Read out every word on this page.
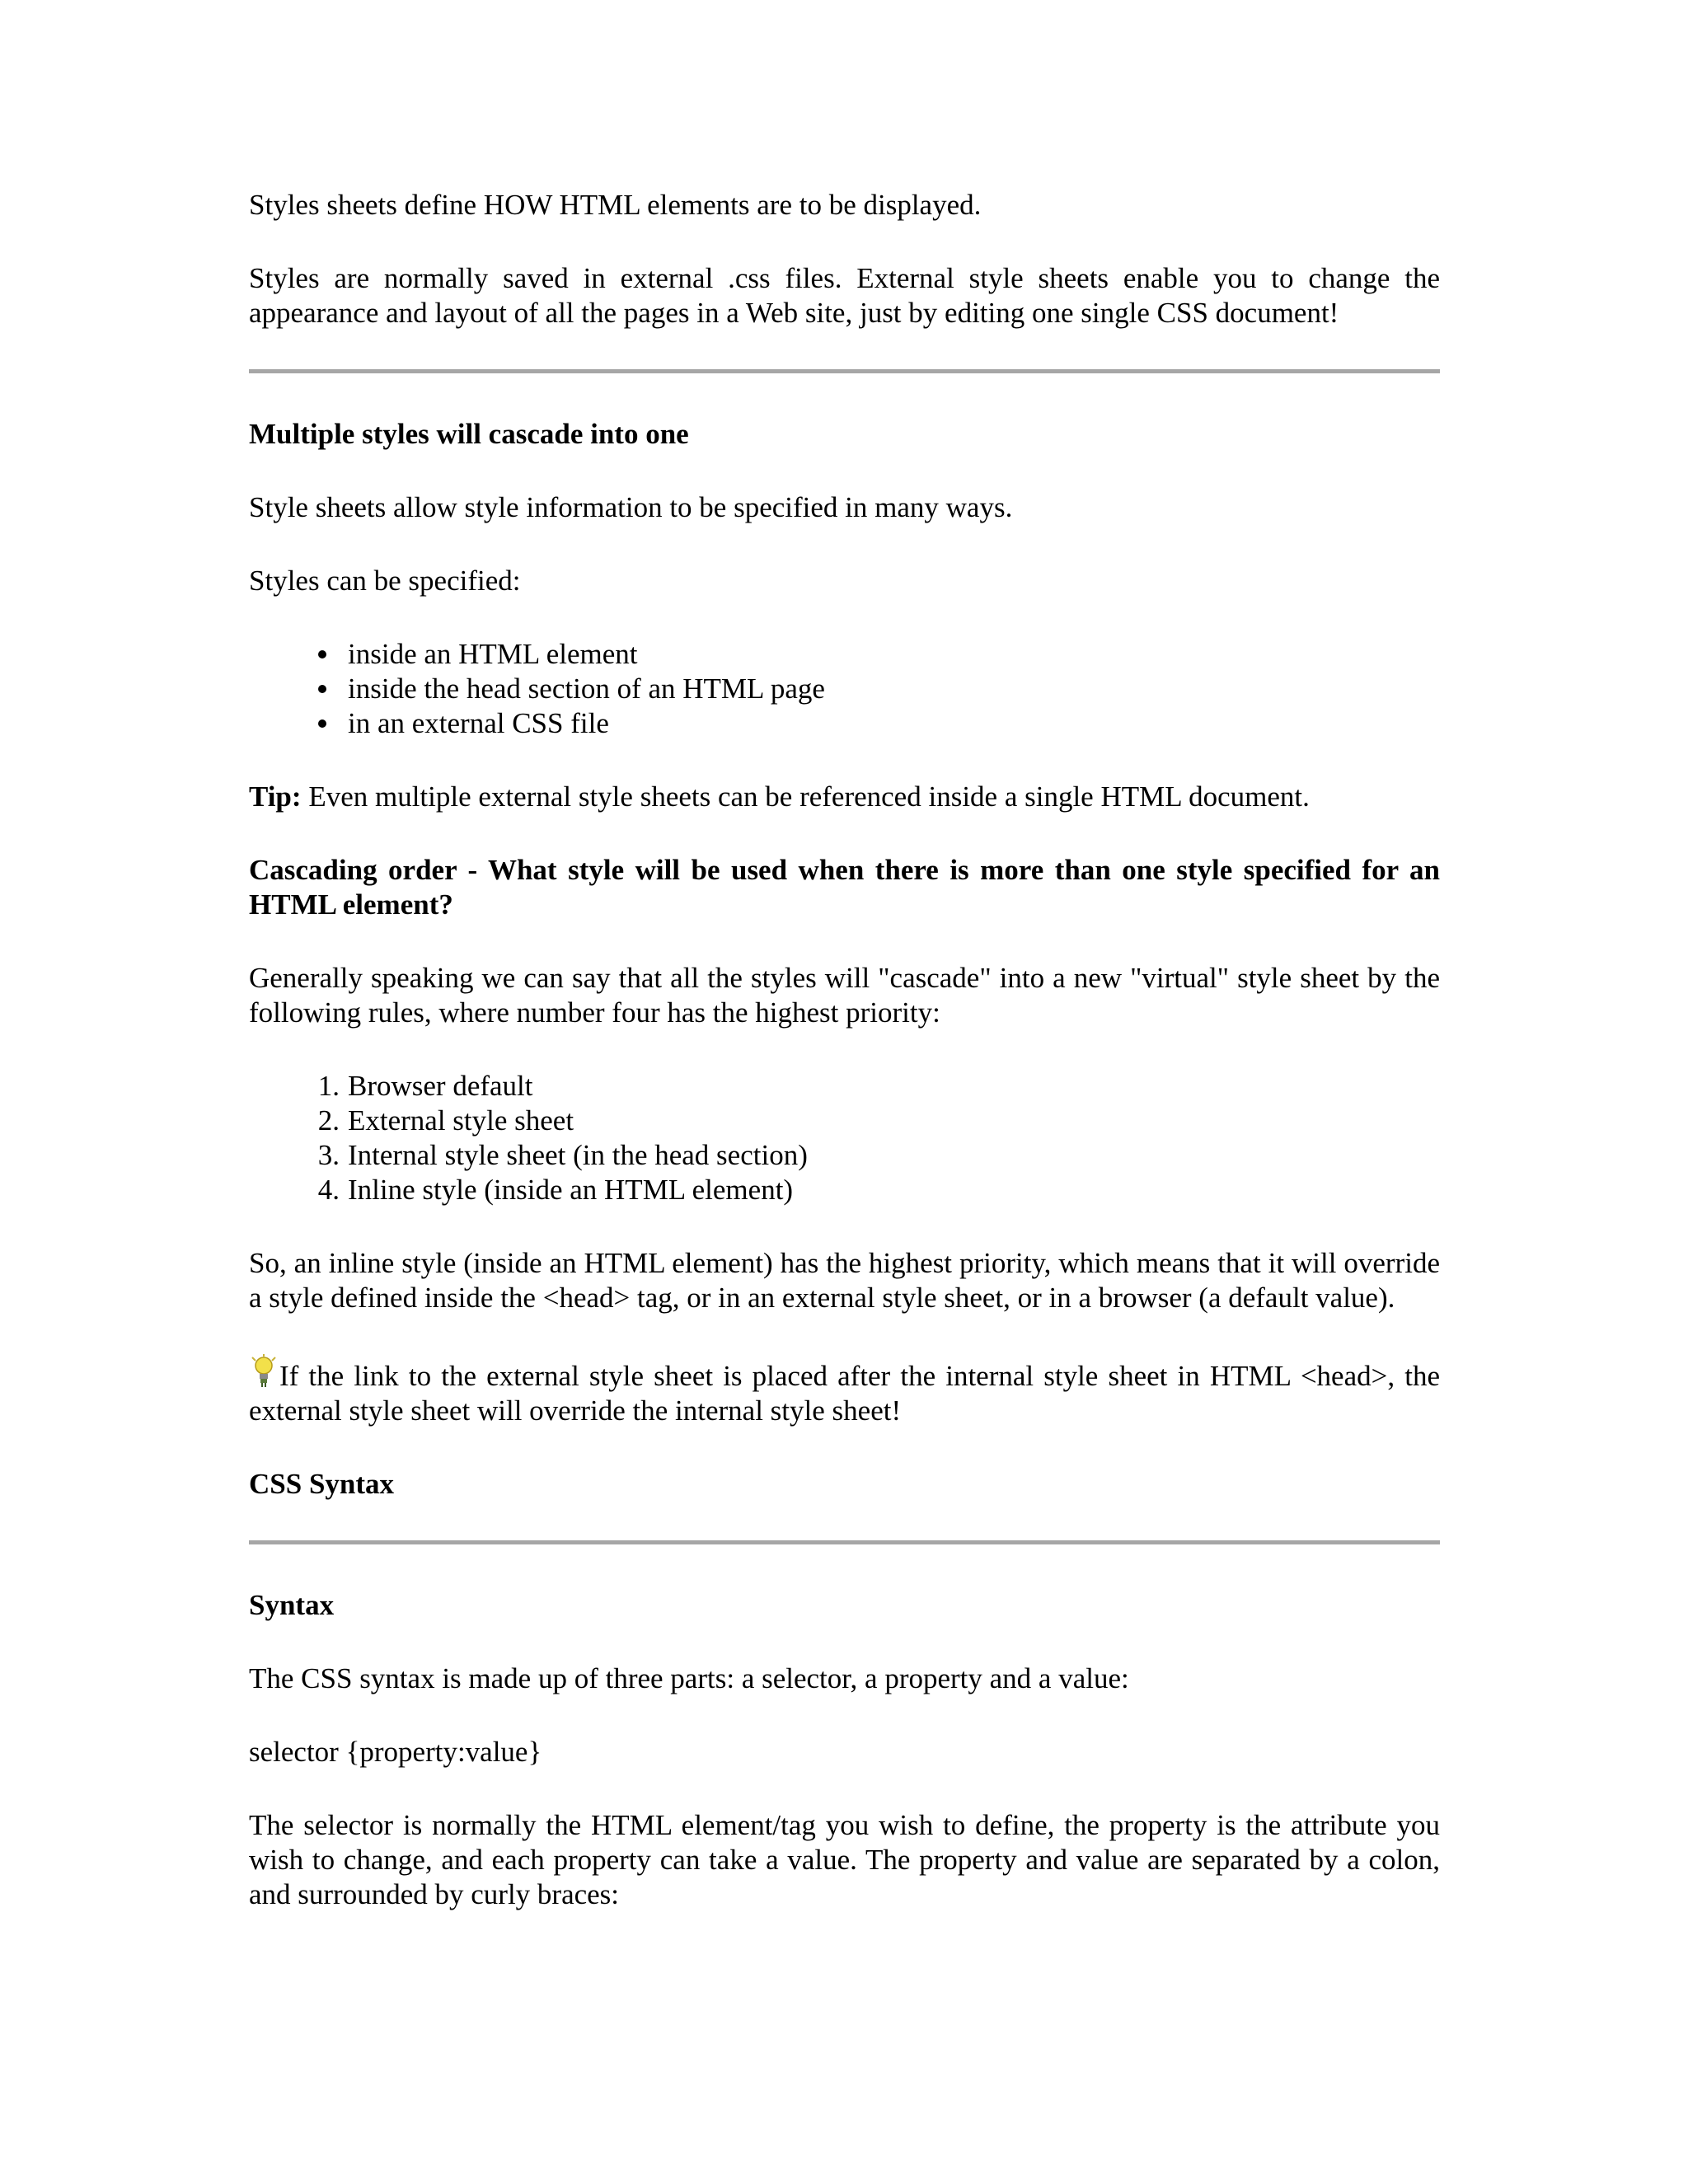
Styles sheets define HOW HTML elements are to be displayed.

Styles are normally saved in external .css files. External style sheets enable you to change the appearance and layout of all the pages in a Web site, just by editing one single CSS document!

Multiple styles will cascade into one

Style sheets allow style information to be specified in many ways.

Styles can be specified:

inside an HTML element
inside the head section of an HTML page
in an external CSS file

Tip: Even multiple external style sheets can be referenced inside a single HTML document.

Cascading order - What style will be used when there is more than one style specified for an HTML element?

Generally speaking we can say that all the styles will "cascade" into a new "virtual" style sheet by the following rules, where number four has the highest priority:

1. Browser default
2. External style sheet
3. Internal style sheet (in the head section)
4. Inline style (inside an HTML element)

So, an inline style (inside an HTML element) has the highest priority, which means that it will override a style defined inside the <head> tag, or in an external style sheet, or in a browser (a default value).

If the link to the external style sheet is placed after the internal style sheet in HTML <head>, the external style sheet will override the internal style sheet!

CSS Syntax

Syntax

The CSS syntax is made up of three parts: a selector, a property and a value:

selector {property:value}

The selector is normally the HTML element/tag you wish to define, the property is the attribute you wish to change, and each property can take a value. The property and value are separated by a colon, and surrounded by curly braces:
